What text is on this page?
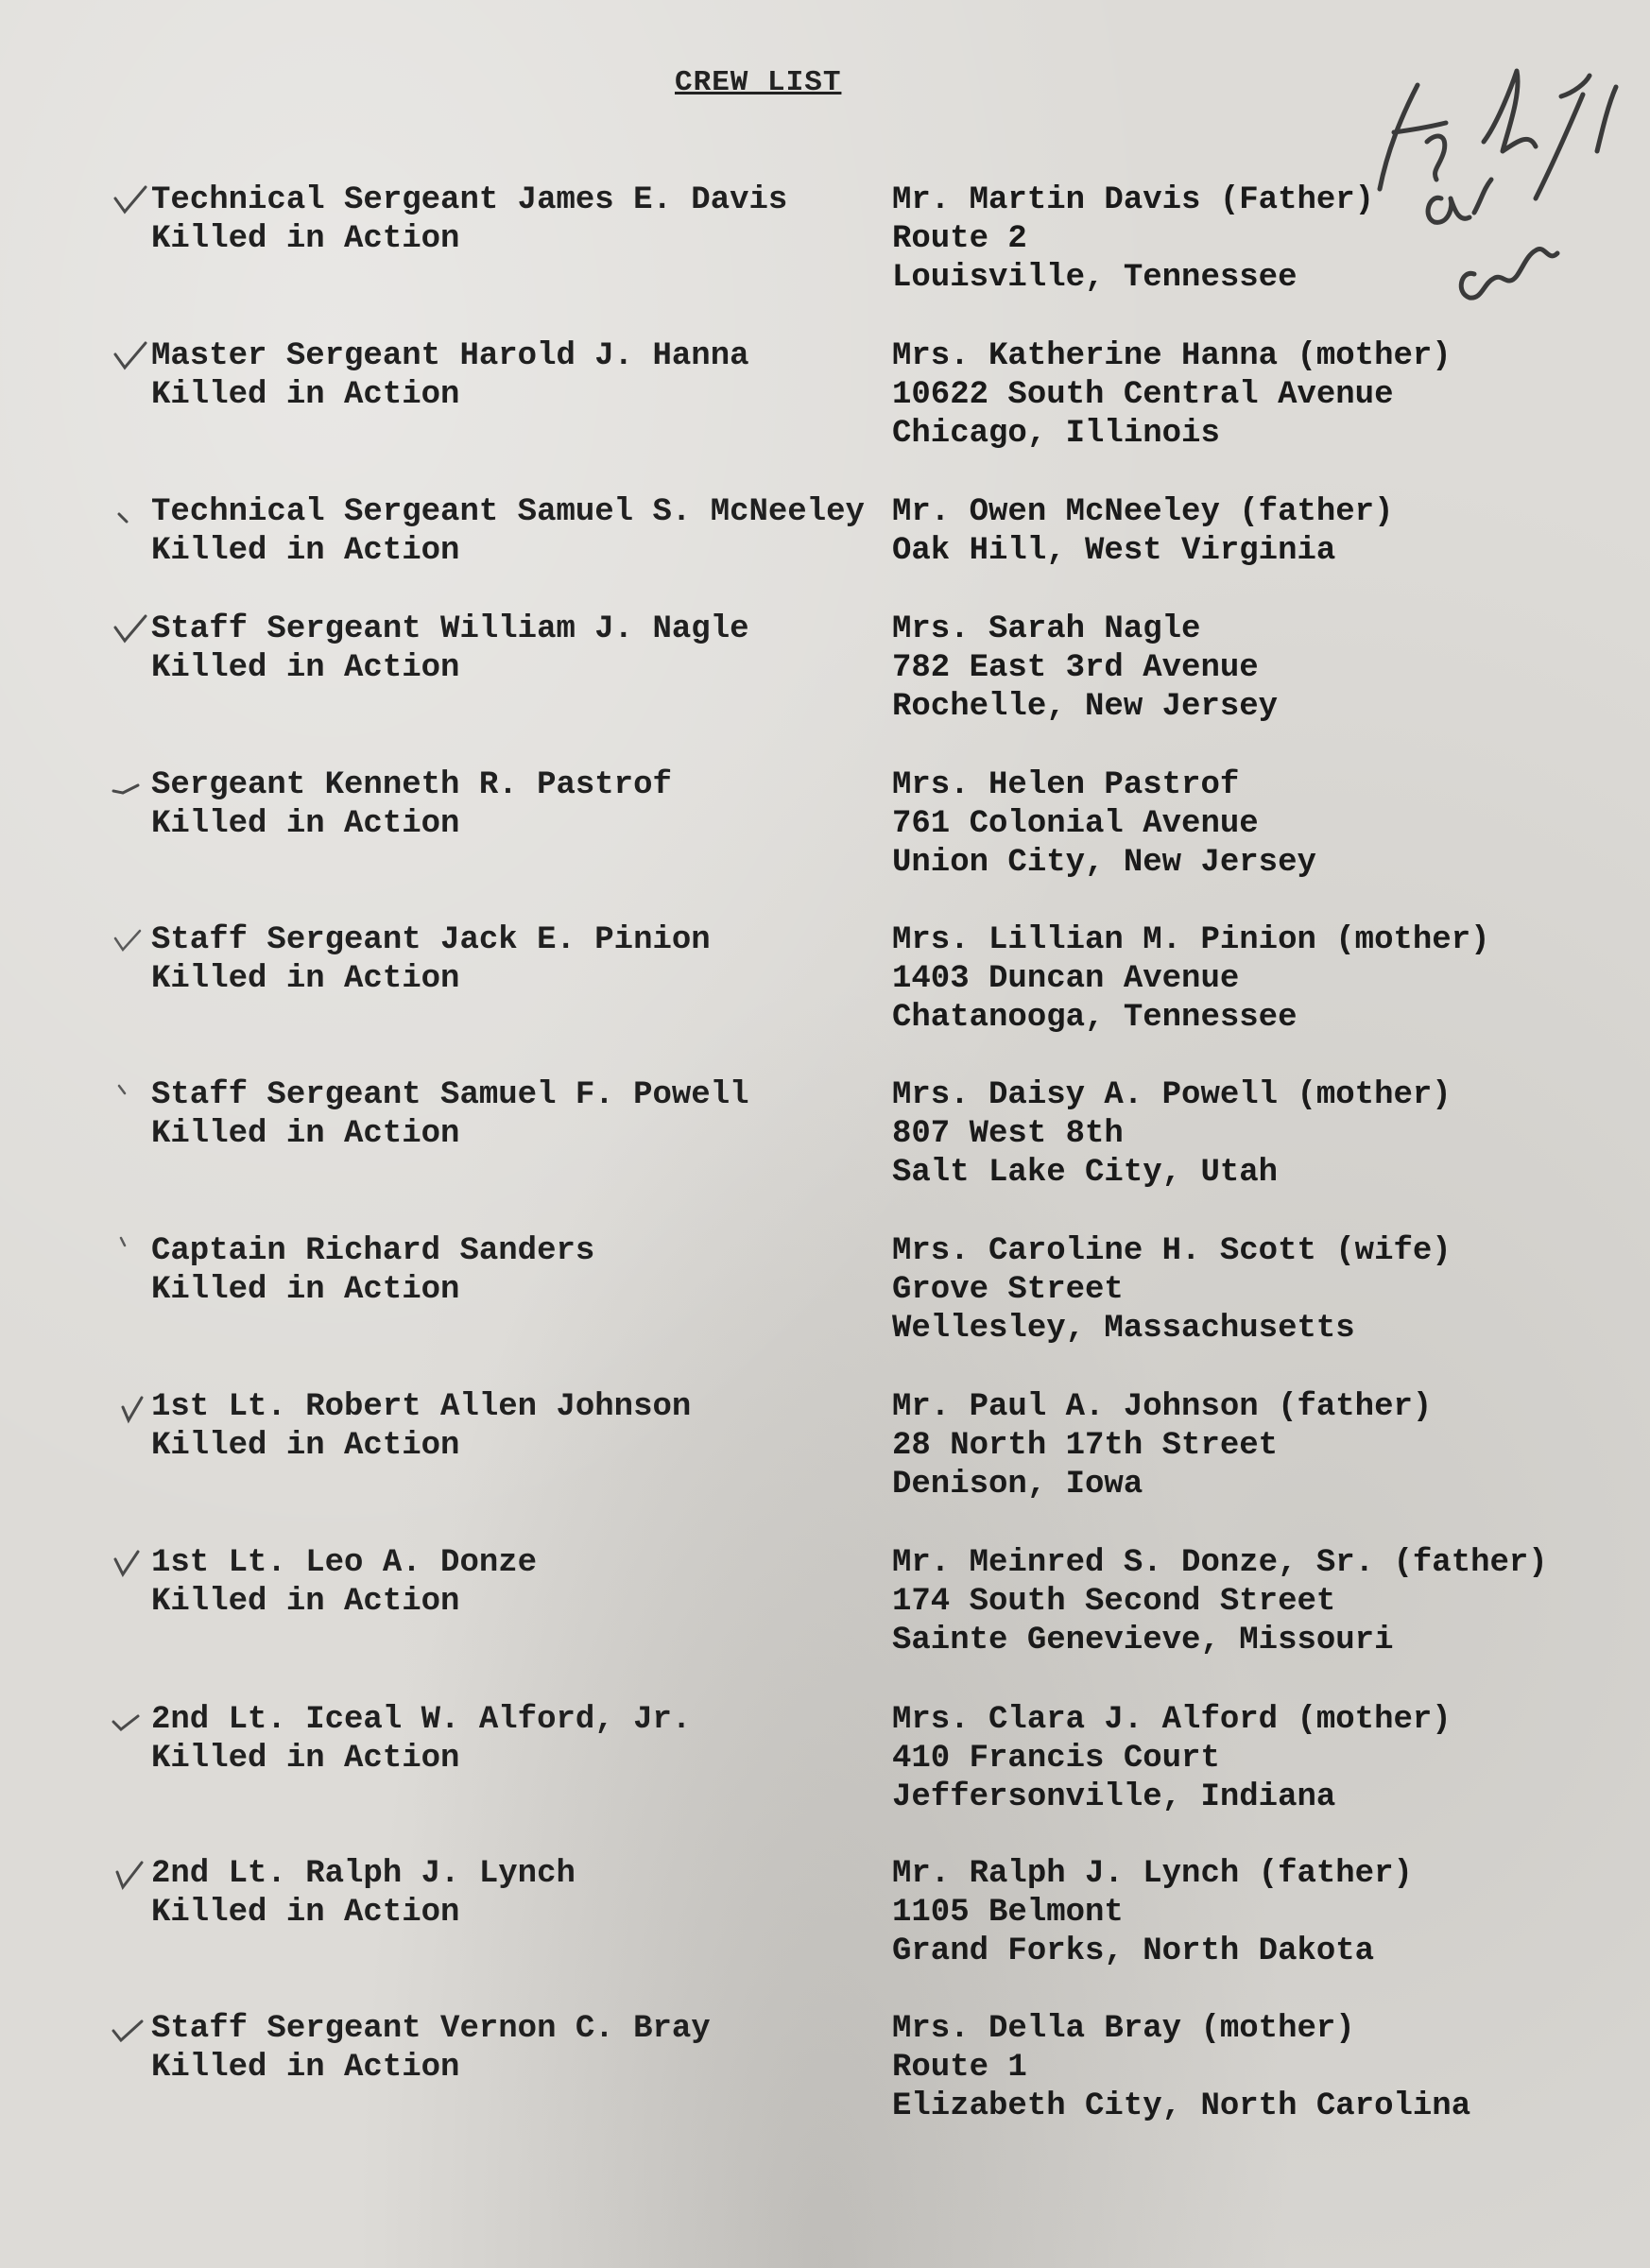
CREW LIST
Technical Sergeant James E. Davis
Killed in Action
Mr. Martin Davis (Father)
Route 2
Louisville, Tennessee
Master Sergeant Harold J. Hanna
Killed in Action
Mrs. Katherine Hanna (mother)
10622 South Central Avenue
Chicago, Illinois
Technical Sergeant Samuel S. McNeeley
Killed in Action
Mr. Owen McNeeley (father)
Oak Hill, West Virginia
Staff Sergeant William J. Nagle
Killed in Action
Mrs. Sarah Nagle
782 East 3rd Avenue
Rochelle, New Jersey
Sergeant Kenneth R. Pastrof
Killed in Action
Mrs. Helen Pastrof
761 Colonial Avenue
Union City, New Jersey
Staff Sergeant Jack E. Pinion
Killed in Action
Mrs. Lillian M. Pinion (mother)
1403 Duncan Avenue
Chatanooga, Tennessee
Staff Sergeant Samuel F. Powell
Killed in Action
Mrs. Daisy A. Powell (mother)
807 West 8th
Salt Lake City, Utah
Captain Richard Sanders
Killed in Action
Mrs. Caroline H. Scott (wife)
Grove Street
Wellesley, Massachusetts
1st Lt. Robert Allen Johnson
Killed in Action
Mr. Paul A. Johnson (father)
28 North 17th Street
Denison, Iowa
1st Lt. Leo A. Donze
Killed in Action
Mr. Meinred S. Donze, Sr. (father)
174 South Second Street
Sainte Genevieve, Missouri
2nd Lt. Iceal W. Alford, Jr.
Killed in Action
Mrs. Clara J. Alford (mother)
410 Francis Court
Jeffersonville, Indiana
2nd Lt. Ralph J. Lynch
Killed in Action
Mr. Ralph J. Lynch (father)
1105 Belmont
Grand Forks, North Dakota
Staff Sergeant Vernon C. Bray
Killed in Action
Mrs. Della Bray (mother)
Route 1
Elizabeth City, North Carolina
